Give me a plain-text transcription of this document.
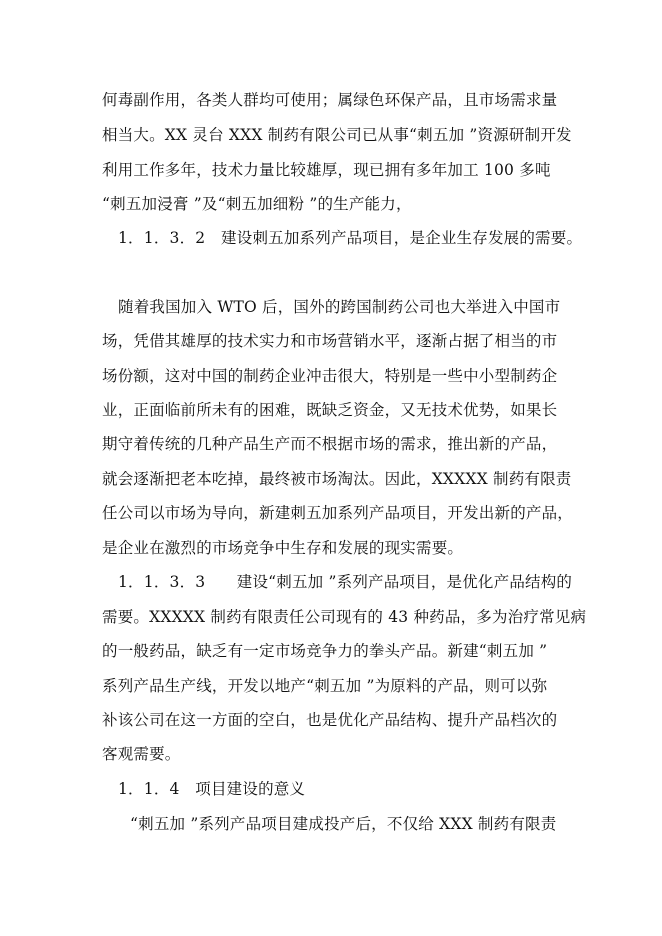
何毒副作用，各类人群均可使用；属绿色环保产品，且市场需求量
相当大。XX 灵台 XXX 制药有限公司已从事“刺五加 ”资源研制开发
利用工作多年，技术力量比较雄厚，现已拥有多年加工 100 多吨
“刺五加浸膏 ”及“刺五加细粉 ”的生产能力，
1．1．3．2　建设刺五加系列产品项目，是企业生存发展的需要。
随着我国加入 WTO 后，国外的跨国制药公司也大举进入中国市
场，凭借其雄厚的技术实力和市场营销水平，逐渐占据了相当的市
场份额，这对中国的制药企业冲击很大，特别是一些中小型制药企
业，正面临前所未有的困难，既缺乏资金，又无技术优势，如果长
期守着传统的几种产品生产而不根据市场的需求，推出新的产品，
就会逐渐把老本吃掉，最终被市场淘汰。因此，XXXXX 制药有限责
任公司以市场为导向，新建刺五加系列产品项目，开发出新的产品，
是企业在激烈的市场竞争中生存和发展的现实需要。
1．1．3．3　　建设“刺五加 ”系列产品项目，是优化产品结构的
需要。XXXXX 制药有限责任公司现有的 43 种药品，多为治疗常见病
的一般药品，缺乏有一定市场竞争力的拳头产品。新建“刺五加 ”
系列产品生产线，开发以地产“刺五加 ”为原料的产品，则可以弥
补该公司在这一方面的空白，也是优化产品结构、提升产品档次的
客观需要。
1．1．4　项目建设的意义
“刺五加 ”系列产品项目建成投产后，不仅给 XXX 制药有限责
